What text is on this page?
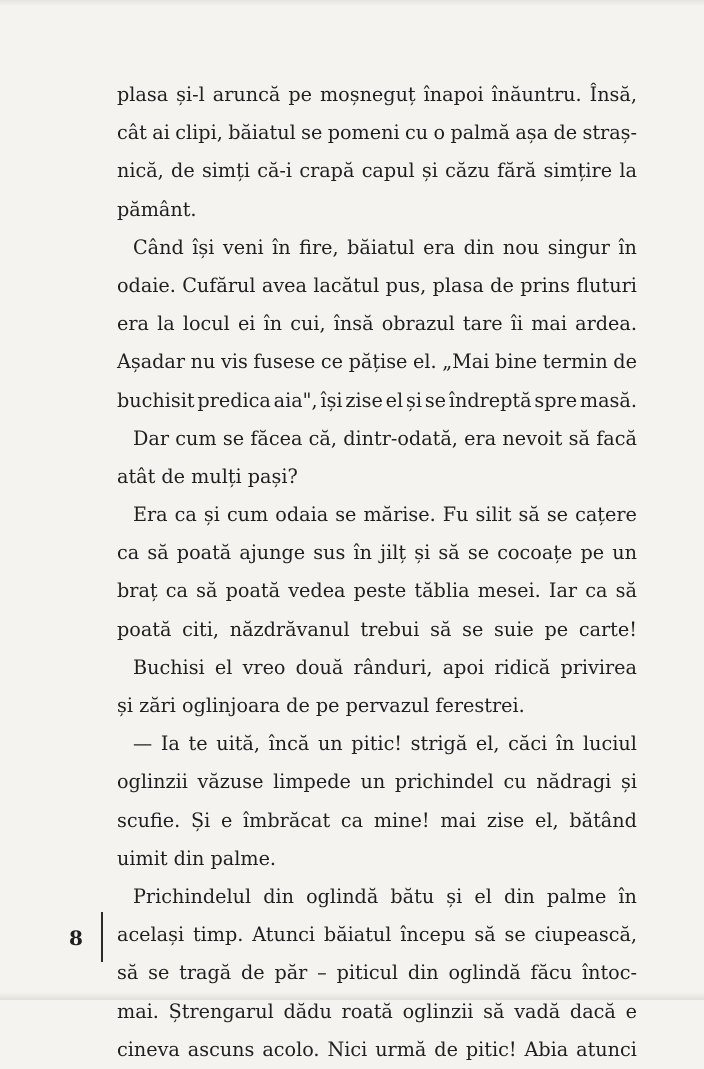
plasa și-l aruncă pe moșneguț înapoi înăuntru. Însă,
cât ai clipi, băiatul se pomeni cu o palmă așa de straș-
nică, de simți că-i crapă capul și căzu fără simțire la
pământ.
Când își veni în fire, băiatul era din nou singur în
odaie. Cufărul avea lacătul pus, plasa de prins fluturi
era la locul ei în cui, însă obrazul tare îi mai ardea.
Așadar nu vis fusese ce pățise el. „Mai bine termin de
buchisit predica aia", își zise el și se îndreptă spre masă.
Dar cum se făcea că, dintr-odată, era nevoit să facă
atât de mulți pași?
Era ca și cum odaia se mărise. Fu silit să se cațere
ca să poată ajunge sus în jilț și să se cocoațe pe un
braț ca să poată vedea peste tăblia mesei. Iar ca să
poată citi, năzdrăvanul trebui să se suie pe carte!
Buchisi el vreo două rânduri, apoi ridică privirea
și zări oglinjoara de pe pervazul ferestrei.
— Ia te uită, încă un pitic! strigă el, căci în luciul
oglinzii văzuse limpede un prichindel cu nădragi și
scufie. Și e îmbrăcat ca mine! mai zise el, bătând
uimit din palme.
Prichindelul din oglindă bătu și el din palme în
același timp. Atunci băiatul începu să se ciupească,
să se tragă de păr – piticul din oglindă făcu întoc-
mai. Ștrengarul dădu roată oglinzii să vadă dacă e
cineva ascuns acolo. Nici urmă de pitic! Abia atunci
8
